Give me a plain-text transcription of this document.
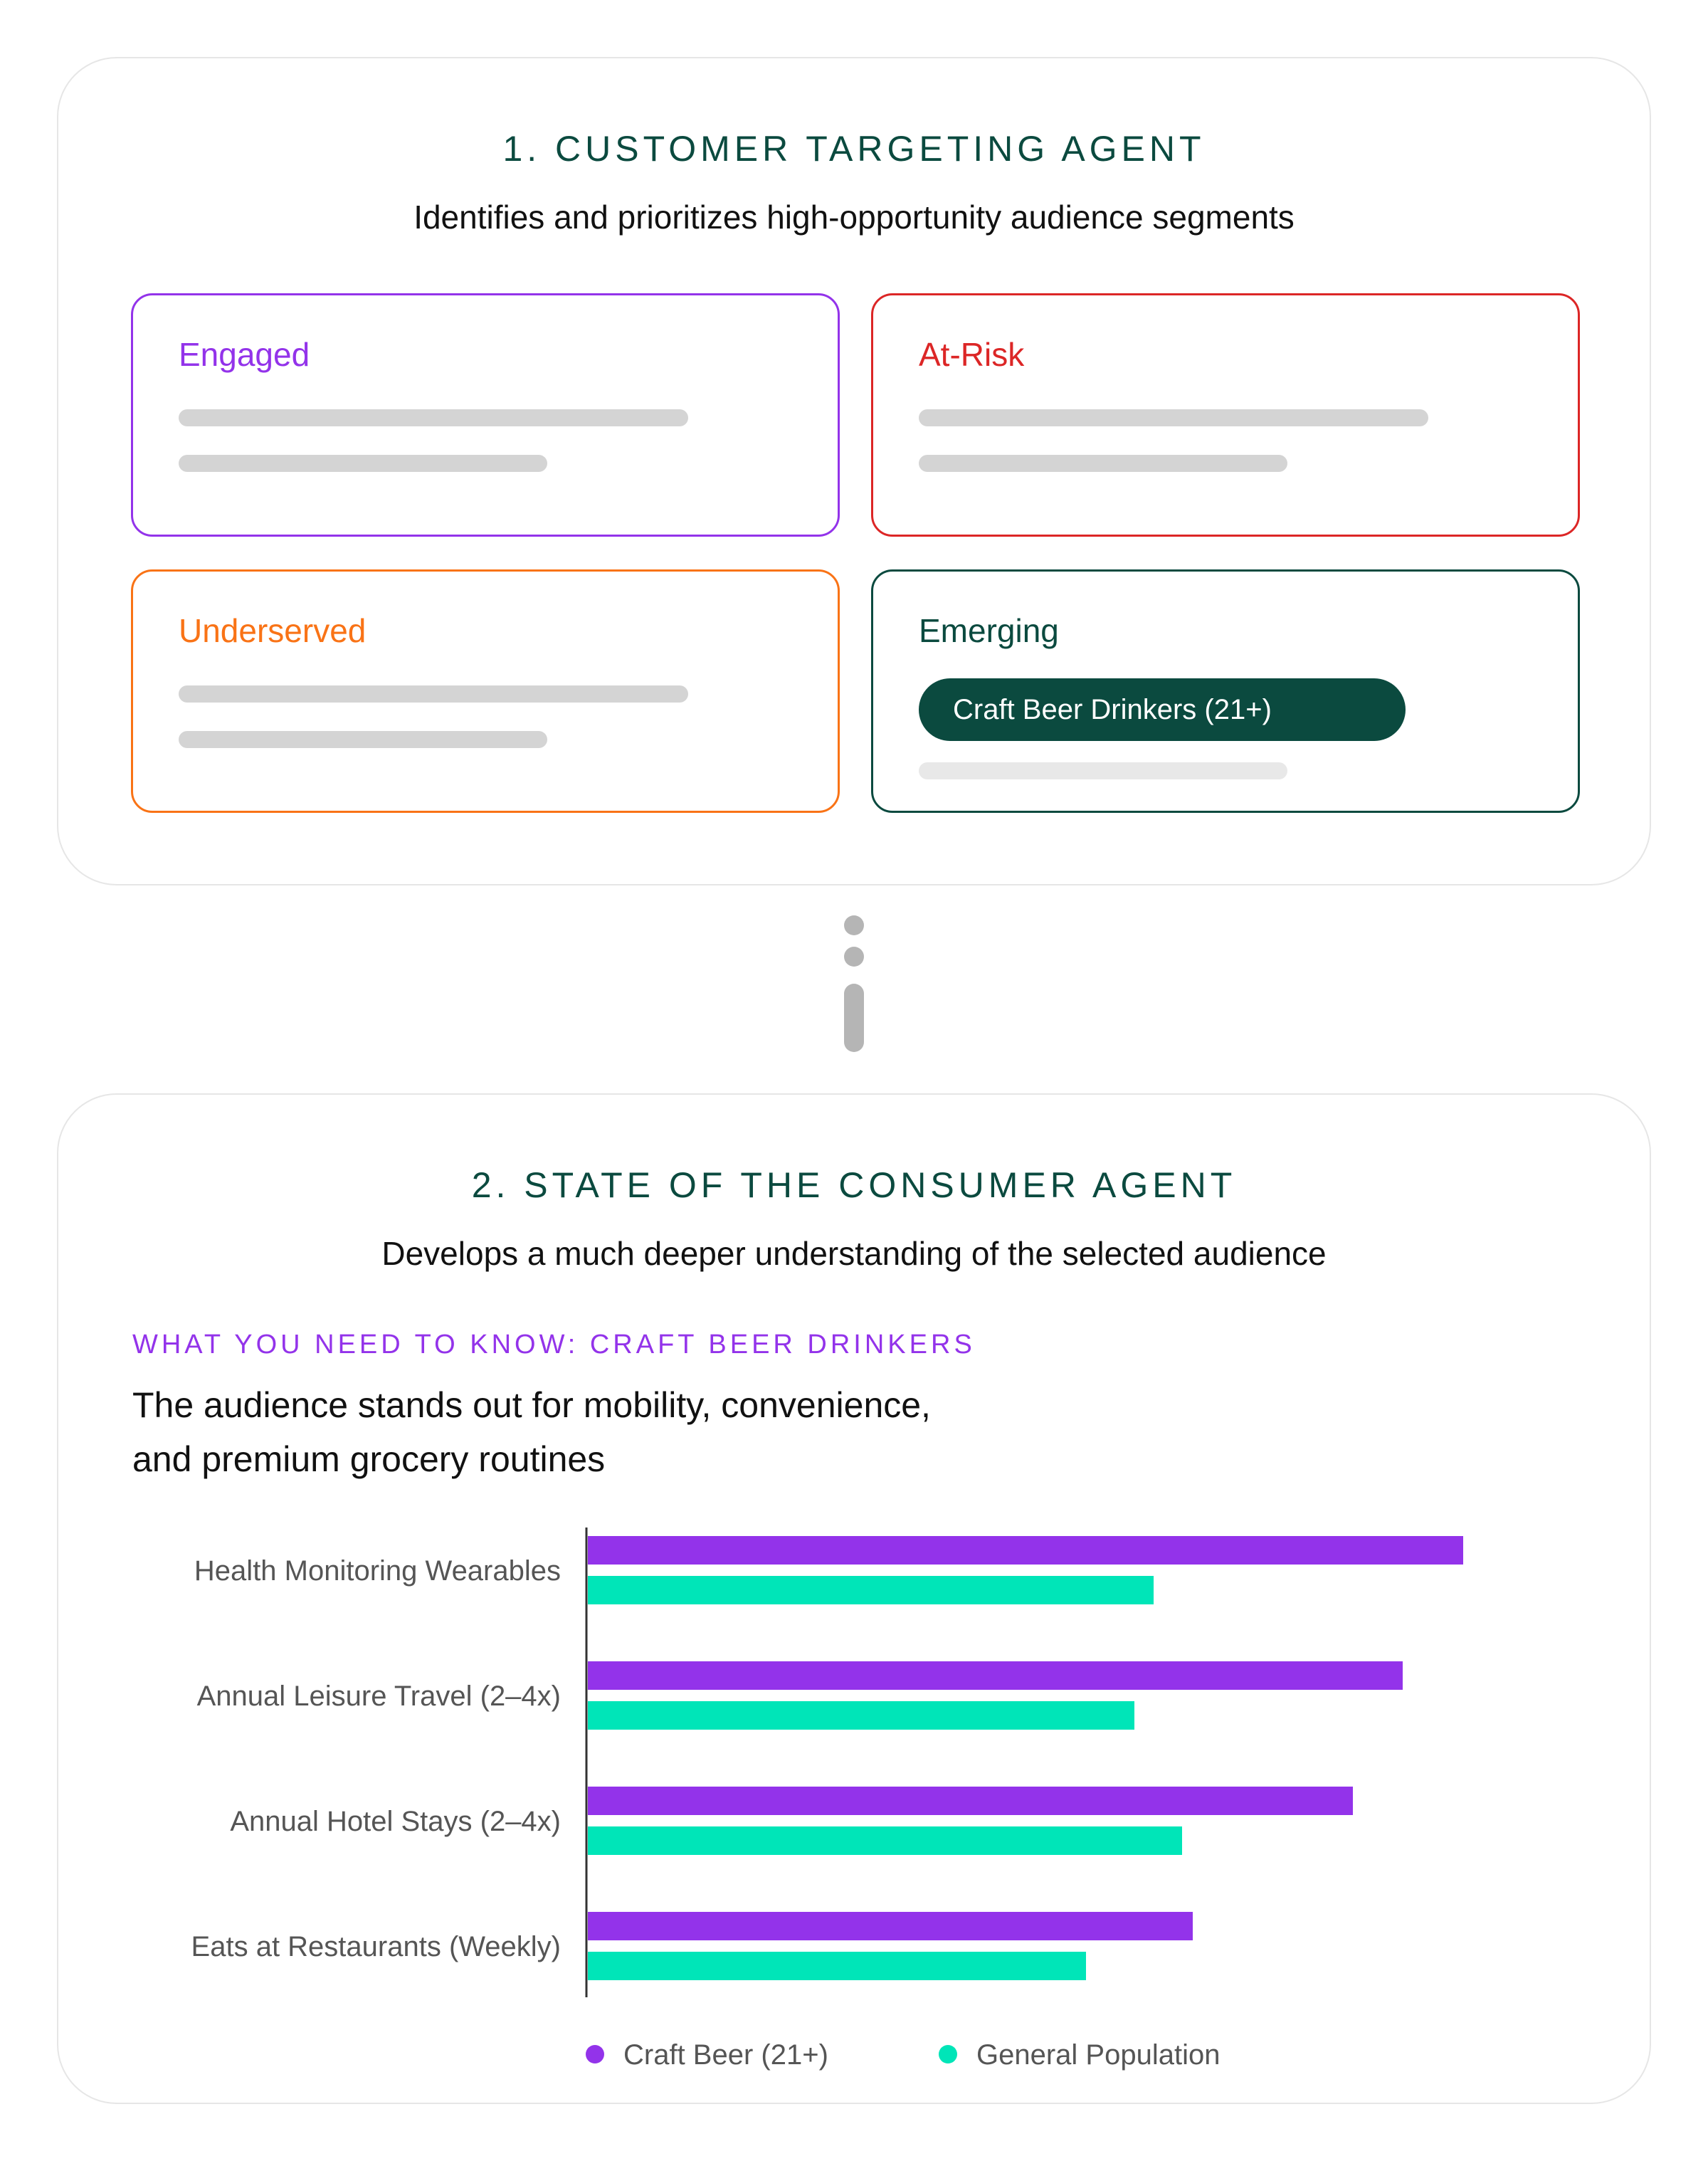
1. CUSTOMER TARGETING AGENT

Identifies and prioritizes high-opportunity audience segments

Engaged	At-Risk

Underserved	Emerging

Craft Beer Drinkers (21+)

2. STATE OF THE CONSUMER AGENT

Develops a much deeper understanding of the selected audience

WHAT YOU NEED TO KNOW: CRAFT BEER DRINKERS

The audience stands out for mobility, convenience,
and premium grocery routines
Health Monitoring Wearables
Annual Leisure Travel (2–4x)
Annual Hotel Stays (2–4x)
Eats at Restaurants (Weekly)
Craft Beer (21+)	General Population
